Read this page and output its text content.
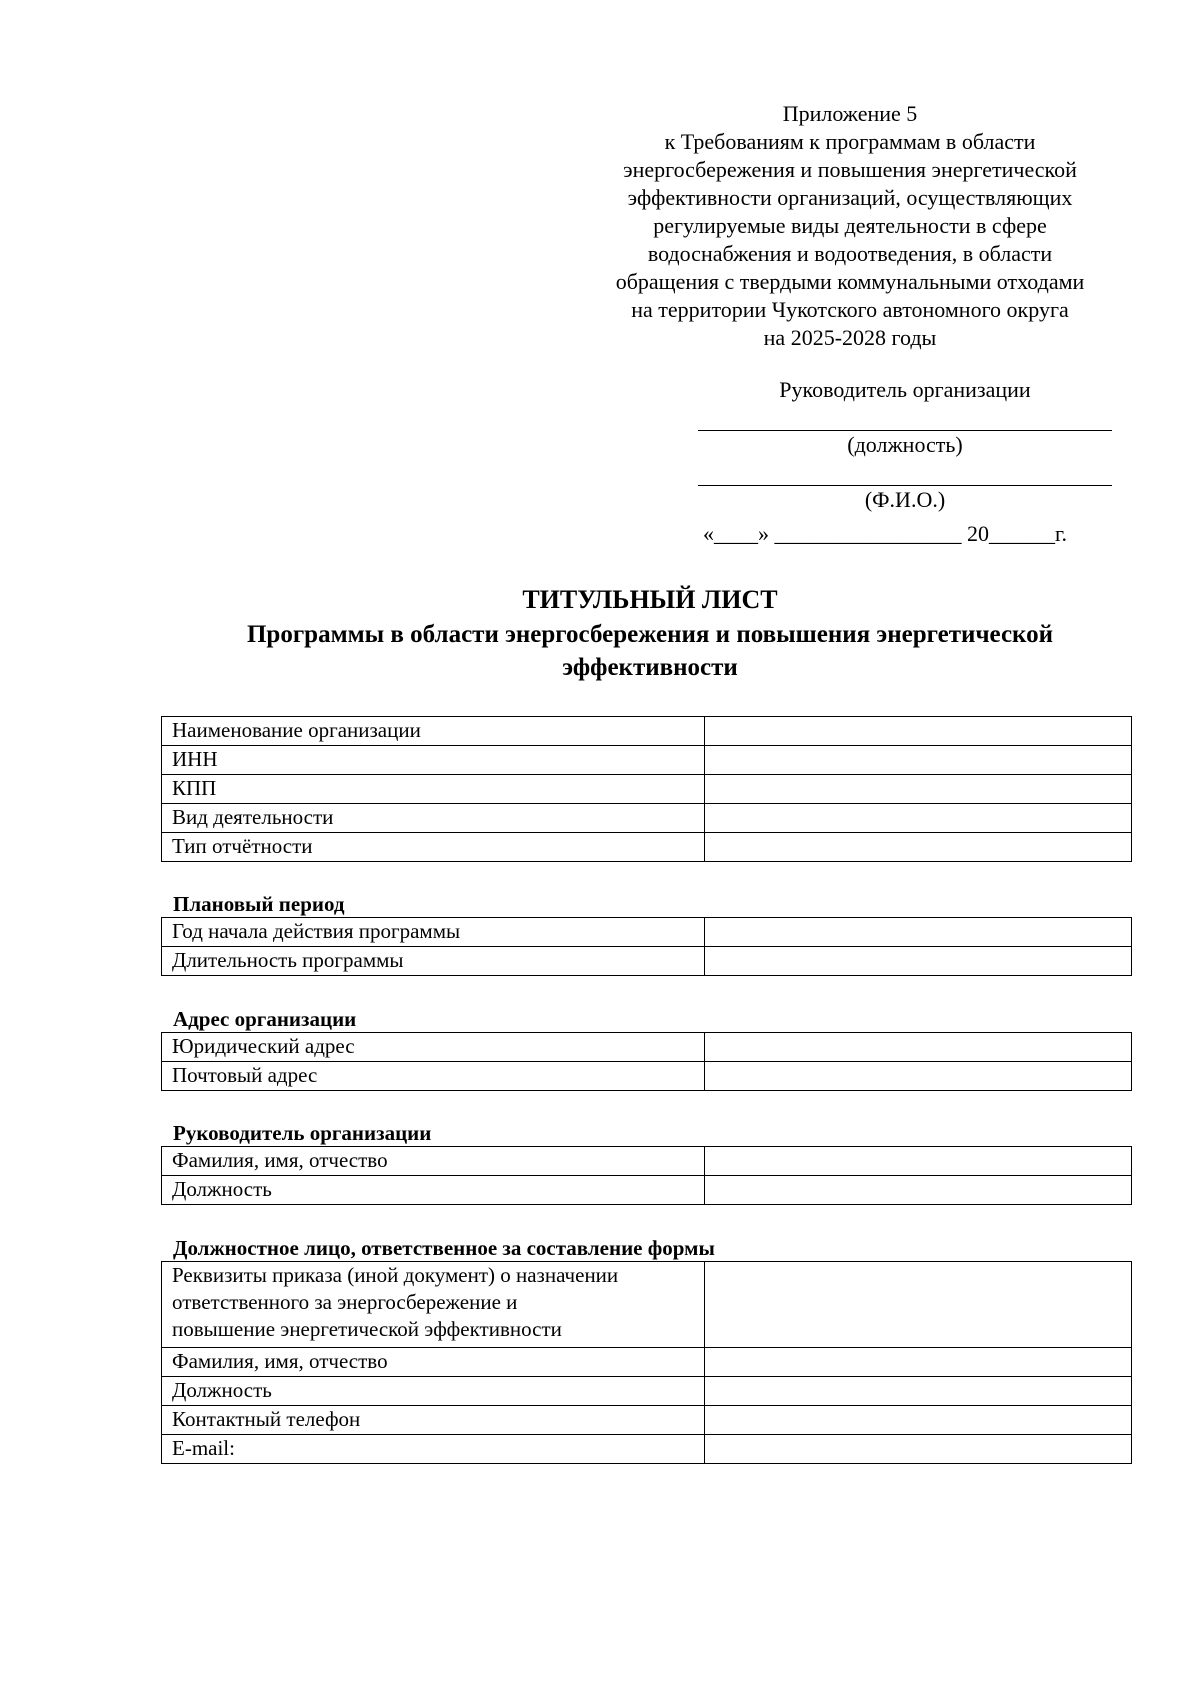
Приложение 5
к Требованиям к программам в области
энергосбережения и повышения энергетической
эффективности организаций, осуществляющих
регулируемые виды деятельности в сфере
водоснабжения и водоотведения, в области
обращения с твердыми коммунальными отходами
на территории Чукотского автономного округа
на 2025-2028 годы
Руководитель организации
(должность)
(Ф.И.О.)
«____» _________________ 20______г.
ТИТУЛЬНЫЙ ЛИСТ
Программы в области энергосбережения и повышения энергетической
эффективности
Наименование организации	
ИНН	
КПП	
Вид деятельности	
Тип отчётности	
Плановый период
Год начала действия программы	
Длительность программы	
Адрес организации
Юридический адрес	
Почтовый адрес	
Руководитель организации
Фамилия, имя, отчество	
Должность	
Должностное лицо, ответственное за составление формы
Реквизиты приказа (иной документ) о назначении
ответственного за энергосбережение и
повышение энергетической эффективности	
Фамилия, имя, отчество	
Должность	
Контактный телефон	
E-mail:	
